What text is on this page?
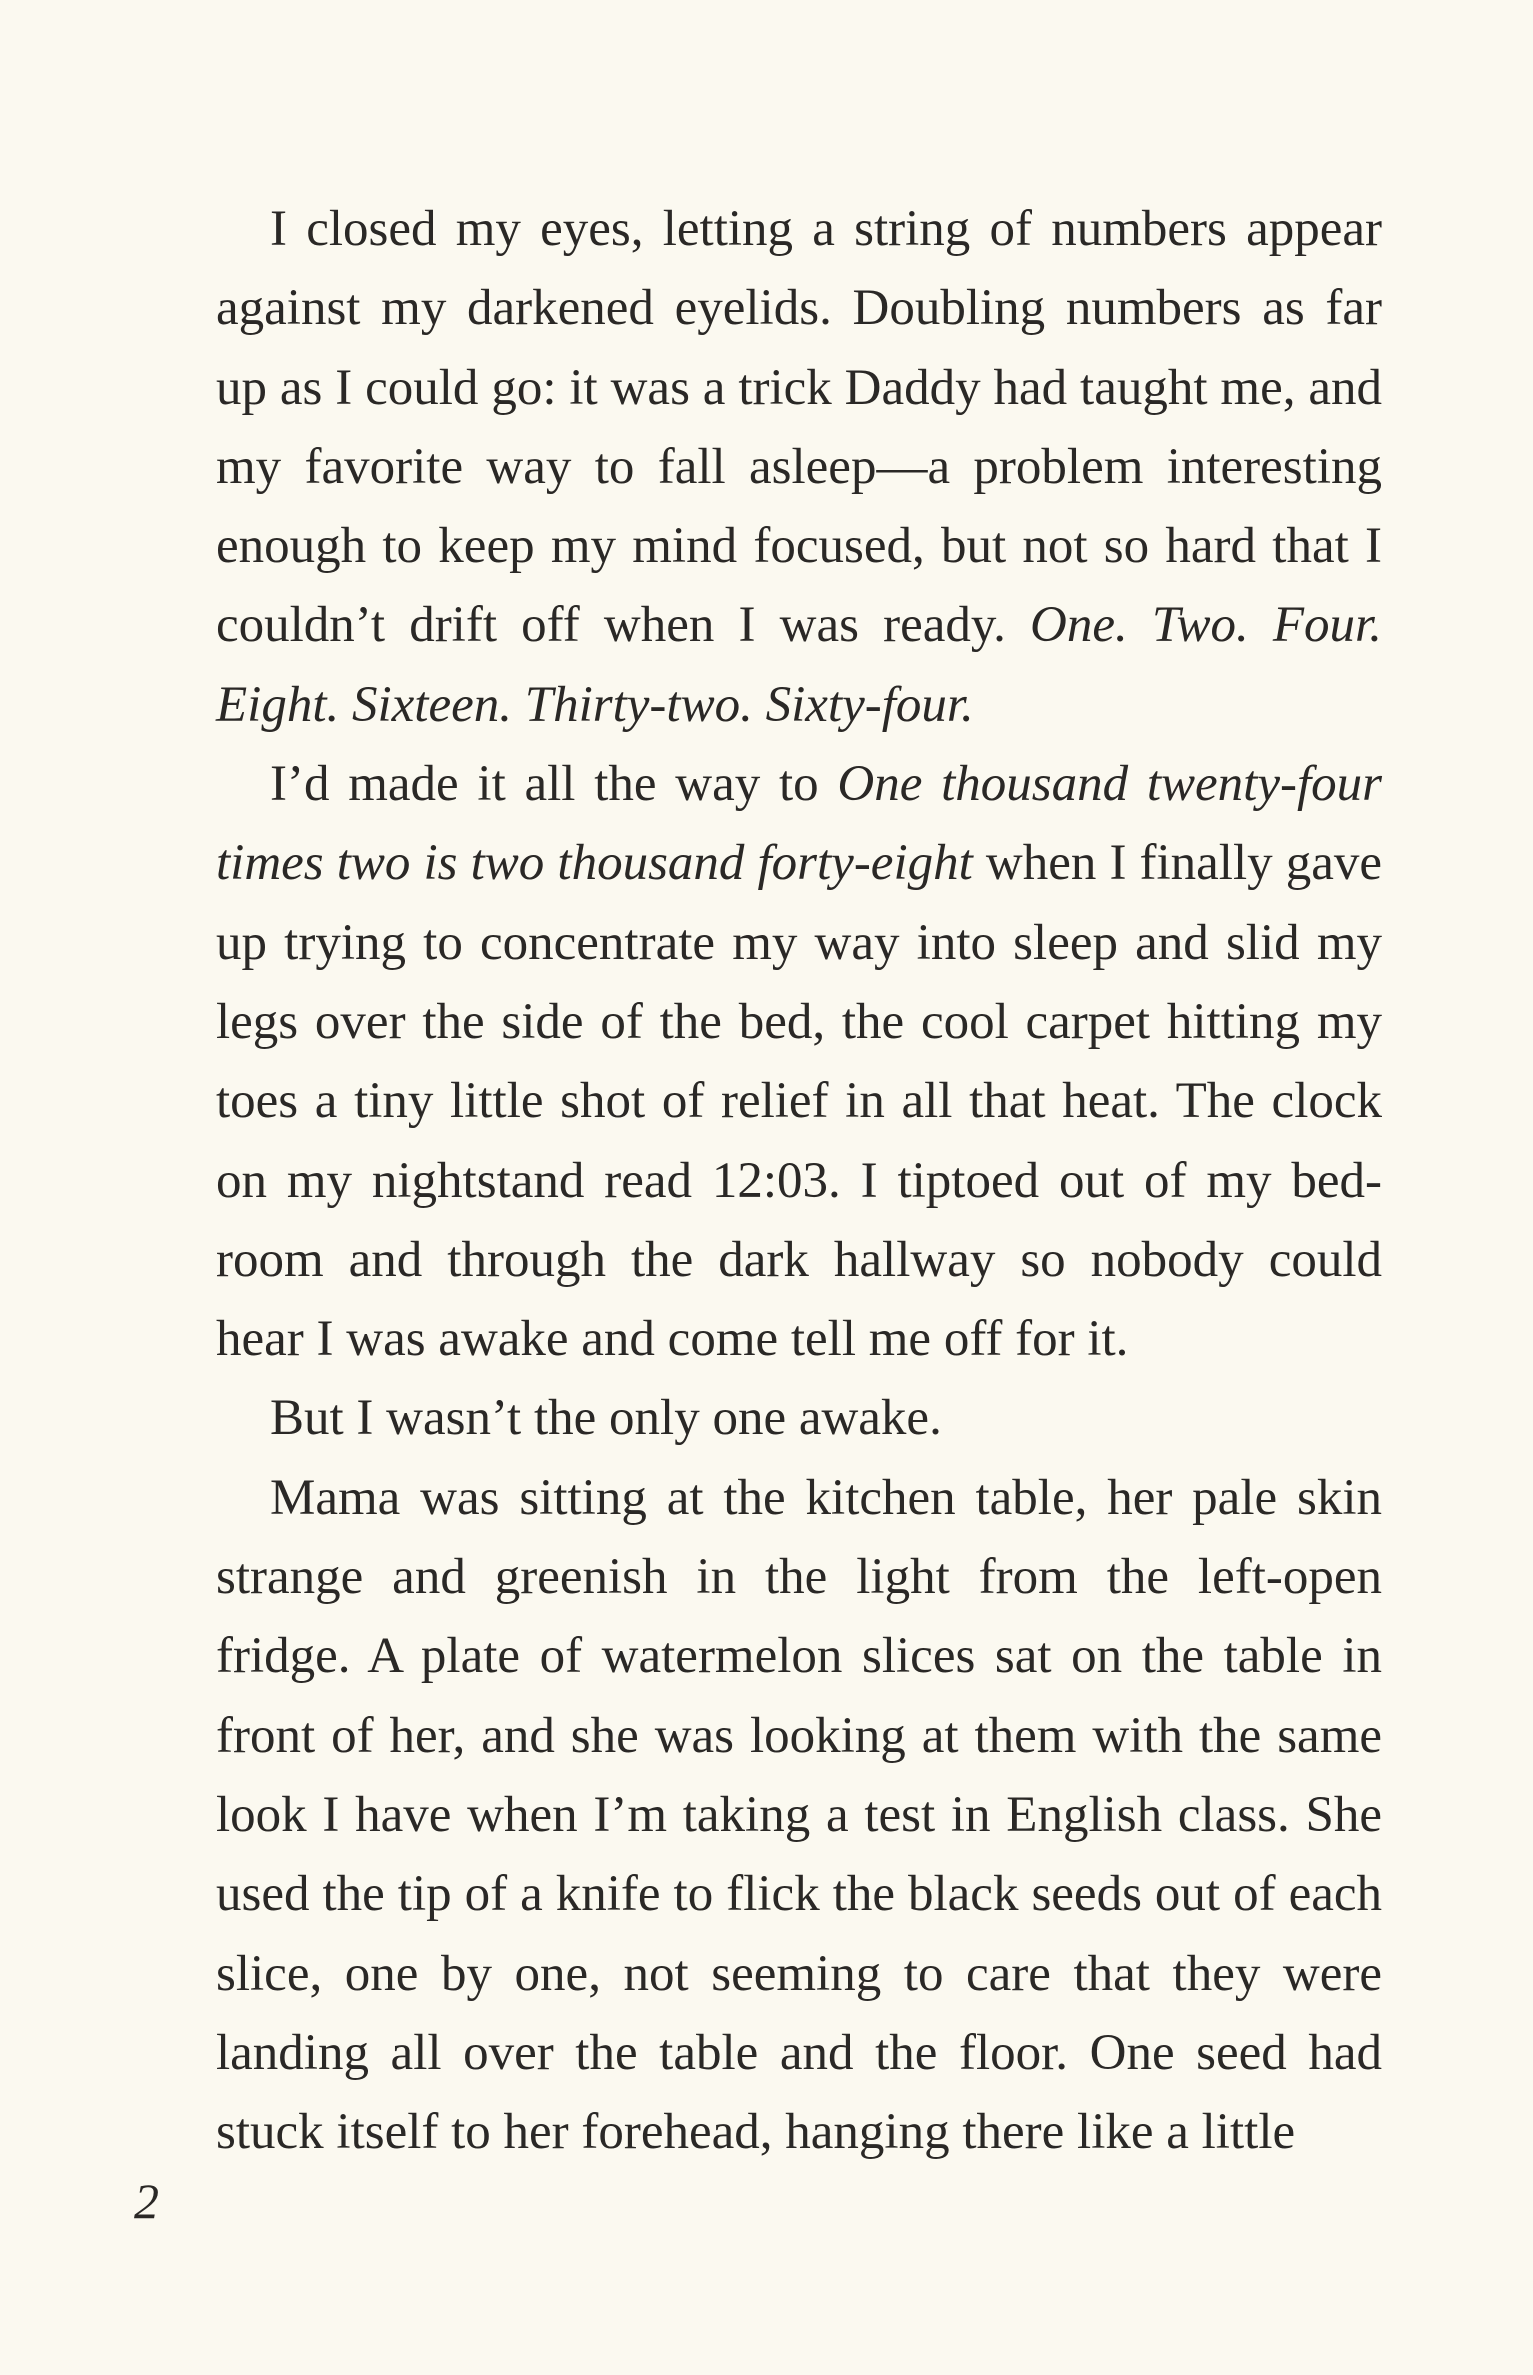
I closed my eyes, letting a string of numbers appear against my darkened eyelids. Doubling numbers as far up as I could go: it was a trick Daddy had taught me, and my favorite way to fall asleep—a problem interesting enough to keep my mind focused, but not so hard that I couldn’t drift off when I was ready. One. Two. Four. Eight. Sixteen. Thirty-two. Sixty-four.

I’d made it all the way to One thousand twenty-four times two is two thousand forty-eight when I finally gave up trying to concentrate my way into sleep and slid my legs over the side of the bed, the cool carpet hitting my toes a tiny little shot of relief in all that heat. The clock on my nightstand read 12:03. I tiptoed out of my bedroom and through the dark hallway so nobody could hear I was awake and come tell me off for it.

But I wasn’t the only one awake.

Mama was sitting at the kitchen table, her pale skin strange and greenish in the light from the left-open fridge. A plate of watermelon slices sat on the table in front of her, and she was looking at them with the same look I have when I’m taking a test in English class. She used the tip of a knife to flick the black seeds out of each slice, one by one, not seeming to care that they were landing all over the table and the floor. One seed had stuck itself to her forehead, hanging there like a little

2
